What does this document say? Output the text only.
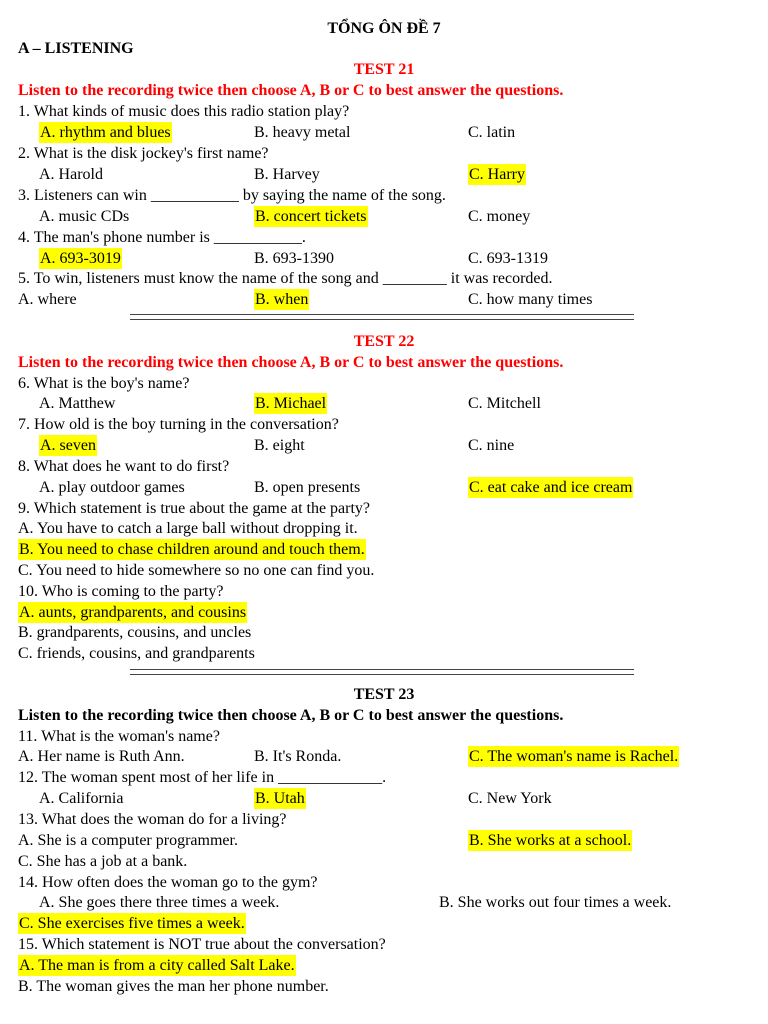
TỔNG ÔN ĐỀ 7
A – LISTENING
TEST 21
Listen to the recording twice then choose A, B or C to best answer the questions.
1. What kinds of music does this radio station play?
A. rhythm and blues	B. heavy metal	C. latin
2. What is the disk jockey's first name?
A. Harold	B. Harvey	C. Harry
3. Listeners can win ___________ by saying the name of the song.
A. music CDs	B. concert tickets	C. money
4. The man's phone number is ___________.
A. 693-3019	B. 693-1390	C. 693-1319
5. To win, listeners must know the name of the song and ________ it was recorded.
A. where	B. when	C. how many times
TEST 22
Listen to the recording twice then choose A, B or C to best answer the questions.
6. What is the boy's name?
A. Matthew	B. Michael	C. Mitchell
7. How old is the boy turning in the conversation?
A. seven	B. eight	C. nine
8. What does he want to do first?
A. play outdoor games	B. open presents	C. eat cake and ice cream
9. Which statement is true about the game at the party?
A. You have to catch a large ball without dropping it.
B. You need to chase children around and touch them.
C. You need to hide somewhere so no one can find you.
10. Who is coming to the party?
A. aunts, grandparents, and cousins
B. grandparents, cousins, and uncles
C. friends, cousins, and grandparents
TEST 23
Listen to the recording twice then choose A, B or C to best answer the questions.
11. What is the woman's name?
A. Her name is Ruth Ann.	B. It's Ronda.	C. The woman's name is Rachel.
12. The woman spent most of her life in _____________.
A. California	B. Utah	C. New York
13. What does the woman do for a living?
A. She is a computer programmer.	B. She works at a school.
C. She has a job at a bank.
14. How often does the woman go to the gym?
A. She goes there three times a week.	B. She works out four times a week.
C. She exercises five times a week.
15. Which statement is NOT true about the conversation?
A. The man is from a city called Salt Lake.
B. The woman gives the man her phone number.
